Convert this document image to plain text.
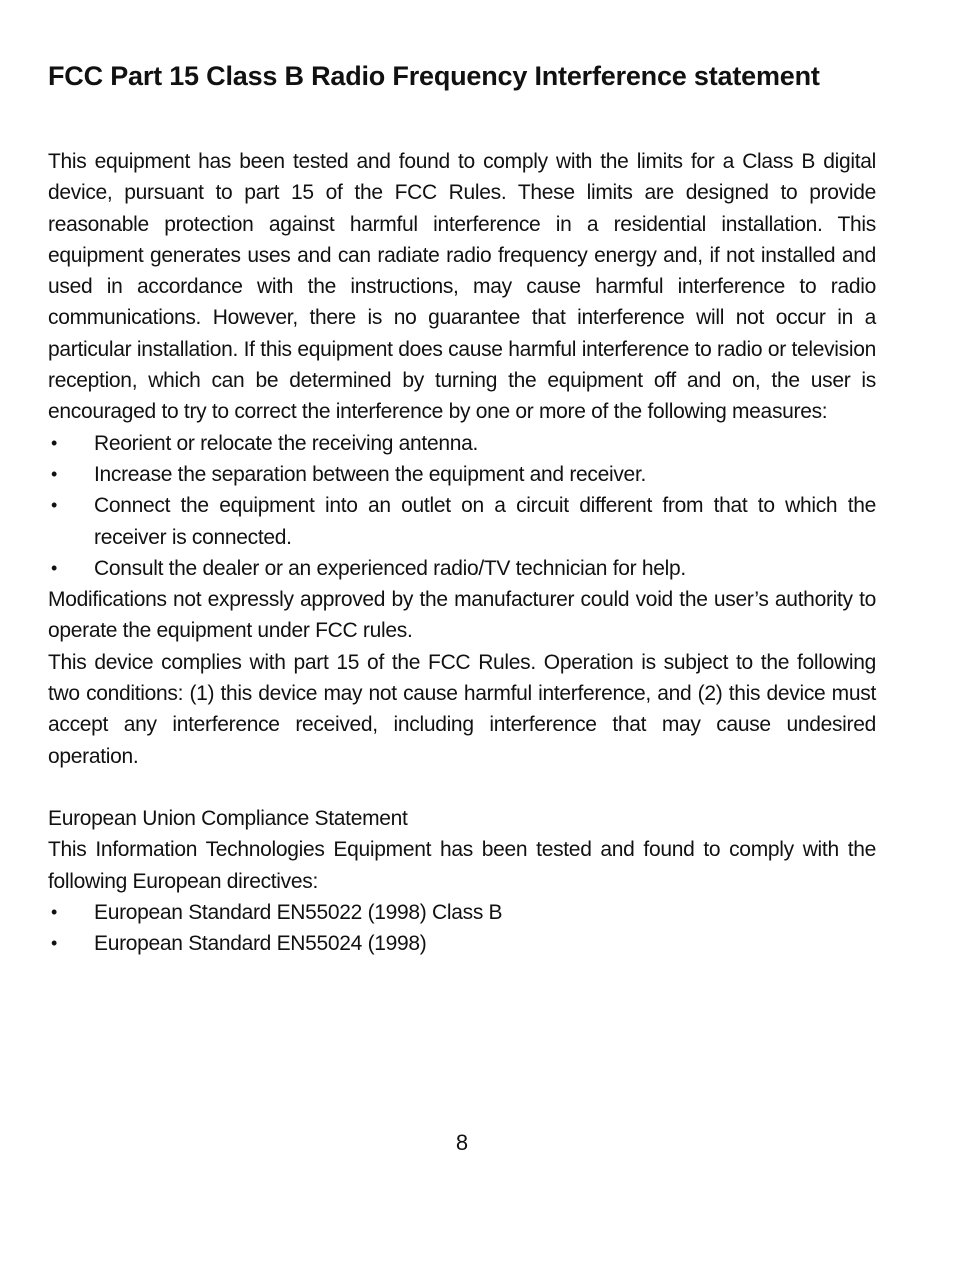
FCC Part 15 Class B Radio Frequency Interference statement

This equipment has been tested and found to comply with the limits for a Class B digital device, pursuant to part 15 of the FCC Rules. These limits are designed to provide reasonable protection against harmful interference in a residential installation. This equipment generates uses and can radiate radio frequency energy and, if not installed and used in accordance with the instructions, may cause harmful interference to radio communications. However, there is no guarantee that interference will not occur in a particular installation. If this equipment does cause harmful interference to radio or television reception, which can be determined by turning the equipment off and on, the user is encouraged to try to correct the interference by one or more of the following measures:

• Reorient or relocate the receiving antenna.
• Increase the separation between the equipment and receiver.
• Connect the equipment into an outlet on a circuit different from that to which the receiver is connected.
• Consult the dealer or an experienced radio/TV technician for help.

Modifications not expressly approved by the manufacturer could void the user’s authority to operate the equipment under FCC rules.

This device complies with part 15 of the FCC Rules. Operation is subject to the following two conditions: (1) this device may not cause harmful interference, and (2) this device must accept any interference received, including interference that may cause undesired operation.

European Union Compliance Statement

This Information Technologies Equipment has been tested and found to comply with the following European directives:

• European Standard EN55022 (1998) Class B
• European Standard EN55024 (1998)
8
